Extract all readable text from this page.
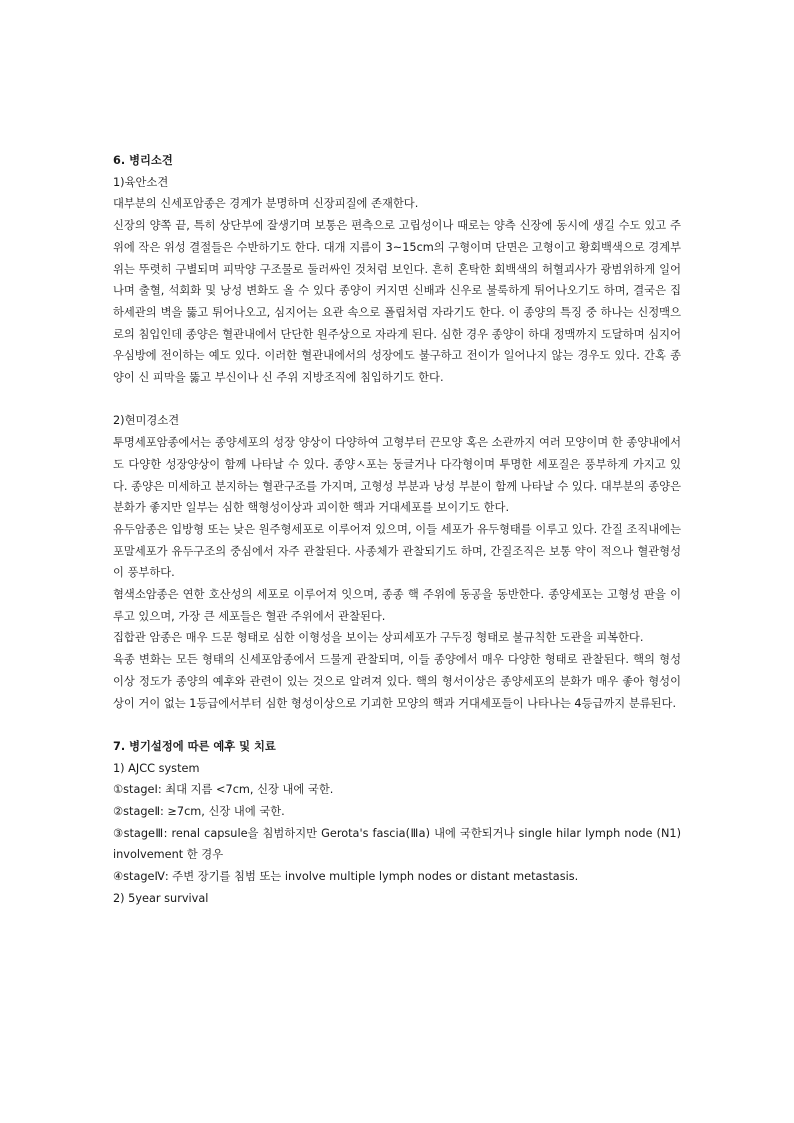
6. 병리소견
1)육안소견

대부분의 신세포암종은 경계가 분명하며 신장피질에 존재한다.

신장의 양쪽 끝, 특히 상단부에 잘생기며 보통은 편측으로 고립성이나 때로는 양측 신장에 동시에 생길 수도 있고 주위에 작은 위성 결절들은 수반하기도 한다. 대개 지름이 3~15cm의 구형이며 단면은 고형이고 황회백색으로 경계부위는 뚜렷히 구별되며 피막양 구조물로 둘러싸인 것처럼 보인다. 흔히 혼탁한 회백색의 허혈괴사가 광범위하게 일어나며 출혈, 석회화 및 낭성 변화도 올 수 있다 종양이 커지면 신배과 신우로 불룩하게 튀어나오기도 하며, 결국은 집하세관의 벽을 뚫고 튀어나오고, 심지어는 요관 속으로 폴립처럼 자라기도 한다. 이 종양의 특징 중 하나는 신정맥으로의 침입인데 종양은 혈관내에서 단단한 원주상으로 자라게 된다. 심한 경우 종양이 하대 정맥까지 도달하며 심지어 우심방에 전이하는 예도 있다. 이러한 혈관내에서의 성장에도 불구하고 전이가 일어나지 않는 경우도 있다. 간혹 종양이 신 피막을 뚫고 부신이나 신 주위 지방조직에 침입하기도 한다.

2)현미경소견

투명세포암종에서는 종양세포의 성장 양상이 다양하여 고형부터 끈모양 혹은 소관까지 여러 모양이며 한 종양내에서도 다양한 성장양상이 함께 나타날 수 있다. 종양ㅅ포는 둥글거나 다각형이며 투명한 세포질은 풍부하게 가지고 있다. 종양은 미세하고 분지하는 혈관구조를 가지며, 고형성 부분과 낭성 부분이 함께 나타날 수 있다. 대부분의 종양은 분화가 좋지만 일부는 심한 핵형성이상과 괴이한 핵과 거대세포를 보이기도 한다.

유두암종은 입방형 또는 낮은 원주형세포로 이루어져 있으며, 이들 세포가 유두형태를 이루고 있다. 간질 조직내에는 포말세포가 유두구조의 중심에서 자주 관찰된다. 사종체가 관찰되기도 하며, 간질조직은 보통 약이 적으나 혈관형성이 풍부하다.

혐색소암종은 연한 호산성의 세포로 이루어져 잇으며, 종종 핵 주위에 동공을 동반한다. 종양세포는 고형성 판을 이루고 있으며, 가장 큰 세포들은 혈관 주위에서 관찰된다.

집합관 암종은 매우 드문 형태로 심한 이형성을 보이는 상피세포가 구두징 형태로 불규칙한 도관을 피복한다.

육종 변화는 모든 형태의 신세포암종에서 드물게 관찰되며, 이들 종양에서 매우 다양한 형태로 관찰된다. 핵의 형성이상 정도가 종양의 예후와 관련이 있는 것으로 알려져 있다. 핵의 형서이상은 종양세포의 분화가 매우 좋아 형성이상이 거이 없는 1등급에서부터 심한 형성이상으로 기괴한 모양의 핵과 거대세포들이 나타나는 4등급까지 분류된다.

7. 병기설정에 따른 예후 및 치료
1) AJCC system

①stageⅠ: 최대 지름 <7cm, 신장 내에 국한.

②stageⅡ: ≥7cm, 신장 내에 국한.

③stageⅢ: renal capsule을 침범하지만 Gerota's fascia(Ⅲa) 내에 국한되거나 single hilar lymph node (N1) involvement 한 경우

④stageⅣ: 주변 장기를 침범 또는 involve multiple lymph nodes or distant metastasis.

2) 5year survival
